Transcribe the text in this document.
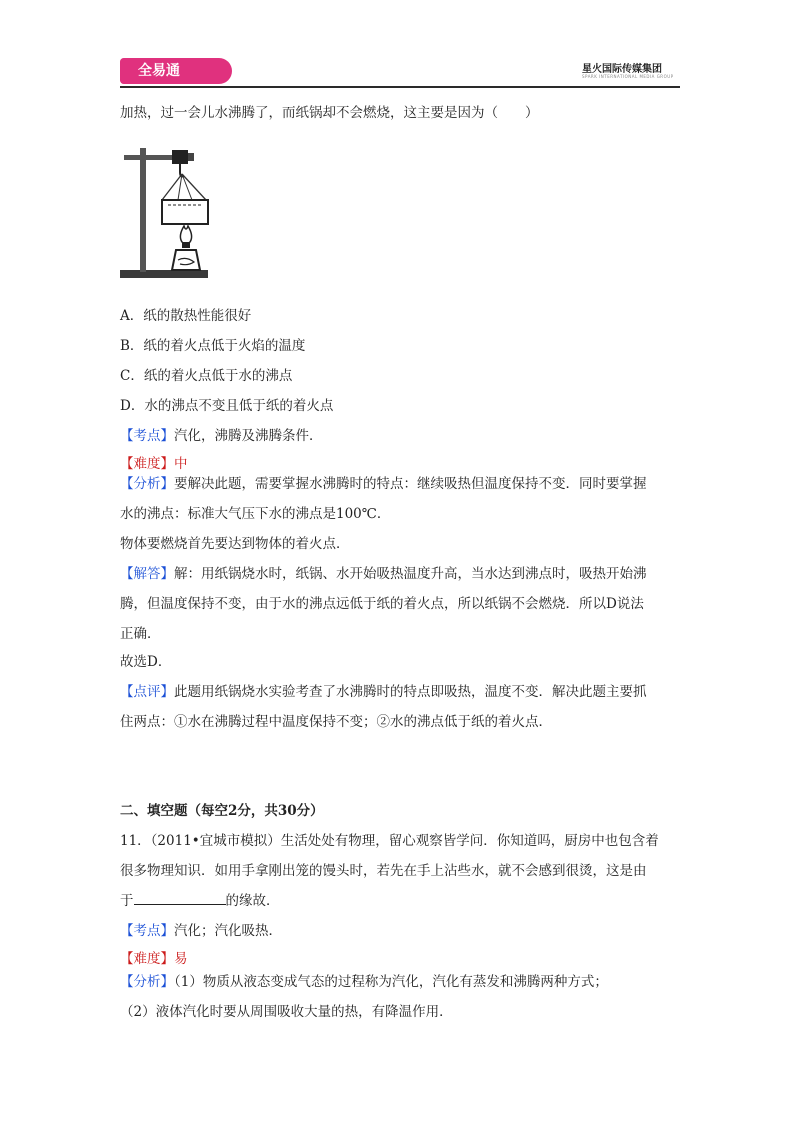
全易通	星火国际传媒集团
SPARK INTERNATIONAL MEDIA GROUP
加热，过一会儿水沸腾了，而纸锅却不会燃烧，这主要是因为（　　）
A．纸的散热性能很好
B．纸的着火点低于火焰的温度
C．纸的着火点低于水的沸点
D．水的沸点不变且低于纸的着火点
【考点】汽化，沸腾及沸腾条件．
【难度】中
【分析】要解决此题，需要掌握水沸腾时的特点：继续吸热但温度保持不变．同时要掌握
水的沸点：标准大气压下水的沸点是100℃．
物体要燃烧首先要达到物体的着火点．
【解答】解：用纸锅烧水时，纸锅、水开始吸热温度升高，当水达到沸点时，吸热开始沸
腾，但温度保持不变，由于水的沸点远低于纸的着火点，所以纸锅不会燃烧．所以D说法
正确．
故选D．
【点评】此题用纸锅烧水实验考查了水沸腾时的特点即吸热，温度不变．解决此题主要抓
住两点：①水在沸腾过程中温度保持不变；②水的沸点低于纸的着火点．
二、填空题（每空2分，共30分）
11．（2011•宜城市模拟）生活处处有物理，留心观察皆学问．你知道吗，厨房中也包含着
很多物理知识．如用手拿刚出笼的馒头时，若先在手上沾些水，就不会感到很烫，这是由
于	的缘故．
【考点】汽化；汽化吸热．
【难度】易
【分析】（1）物质从液态变成气态的过程称为汽化，汽化有蒸发和沸腾两种方式；
（2）液体汽化时要从周围吸收大量的热，有降温作用．
